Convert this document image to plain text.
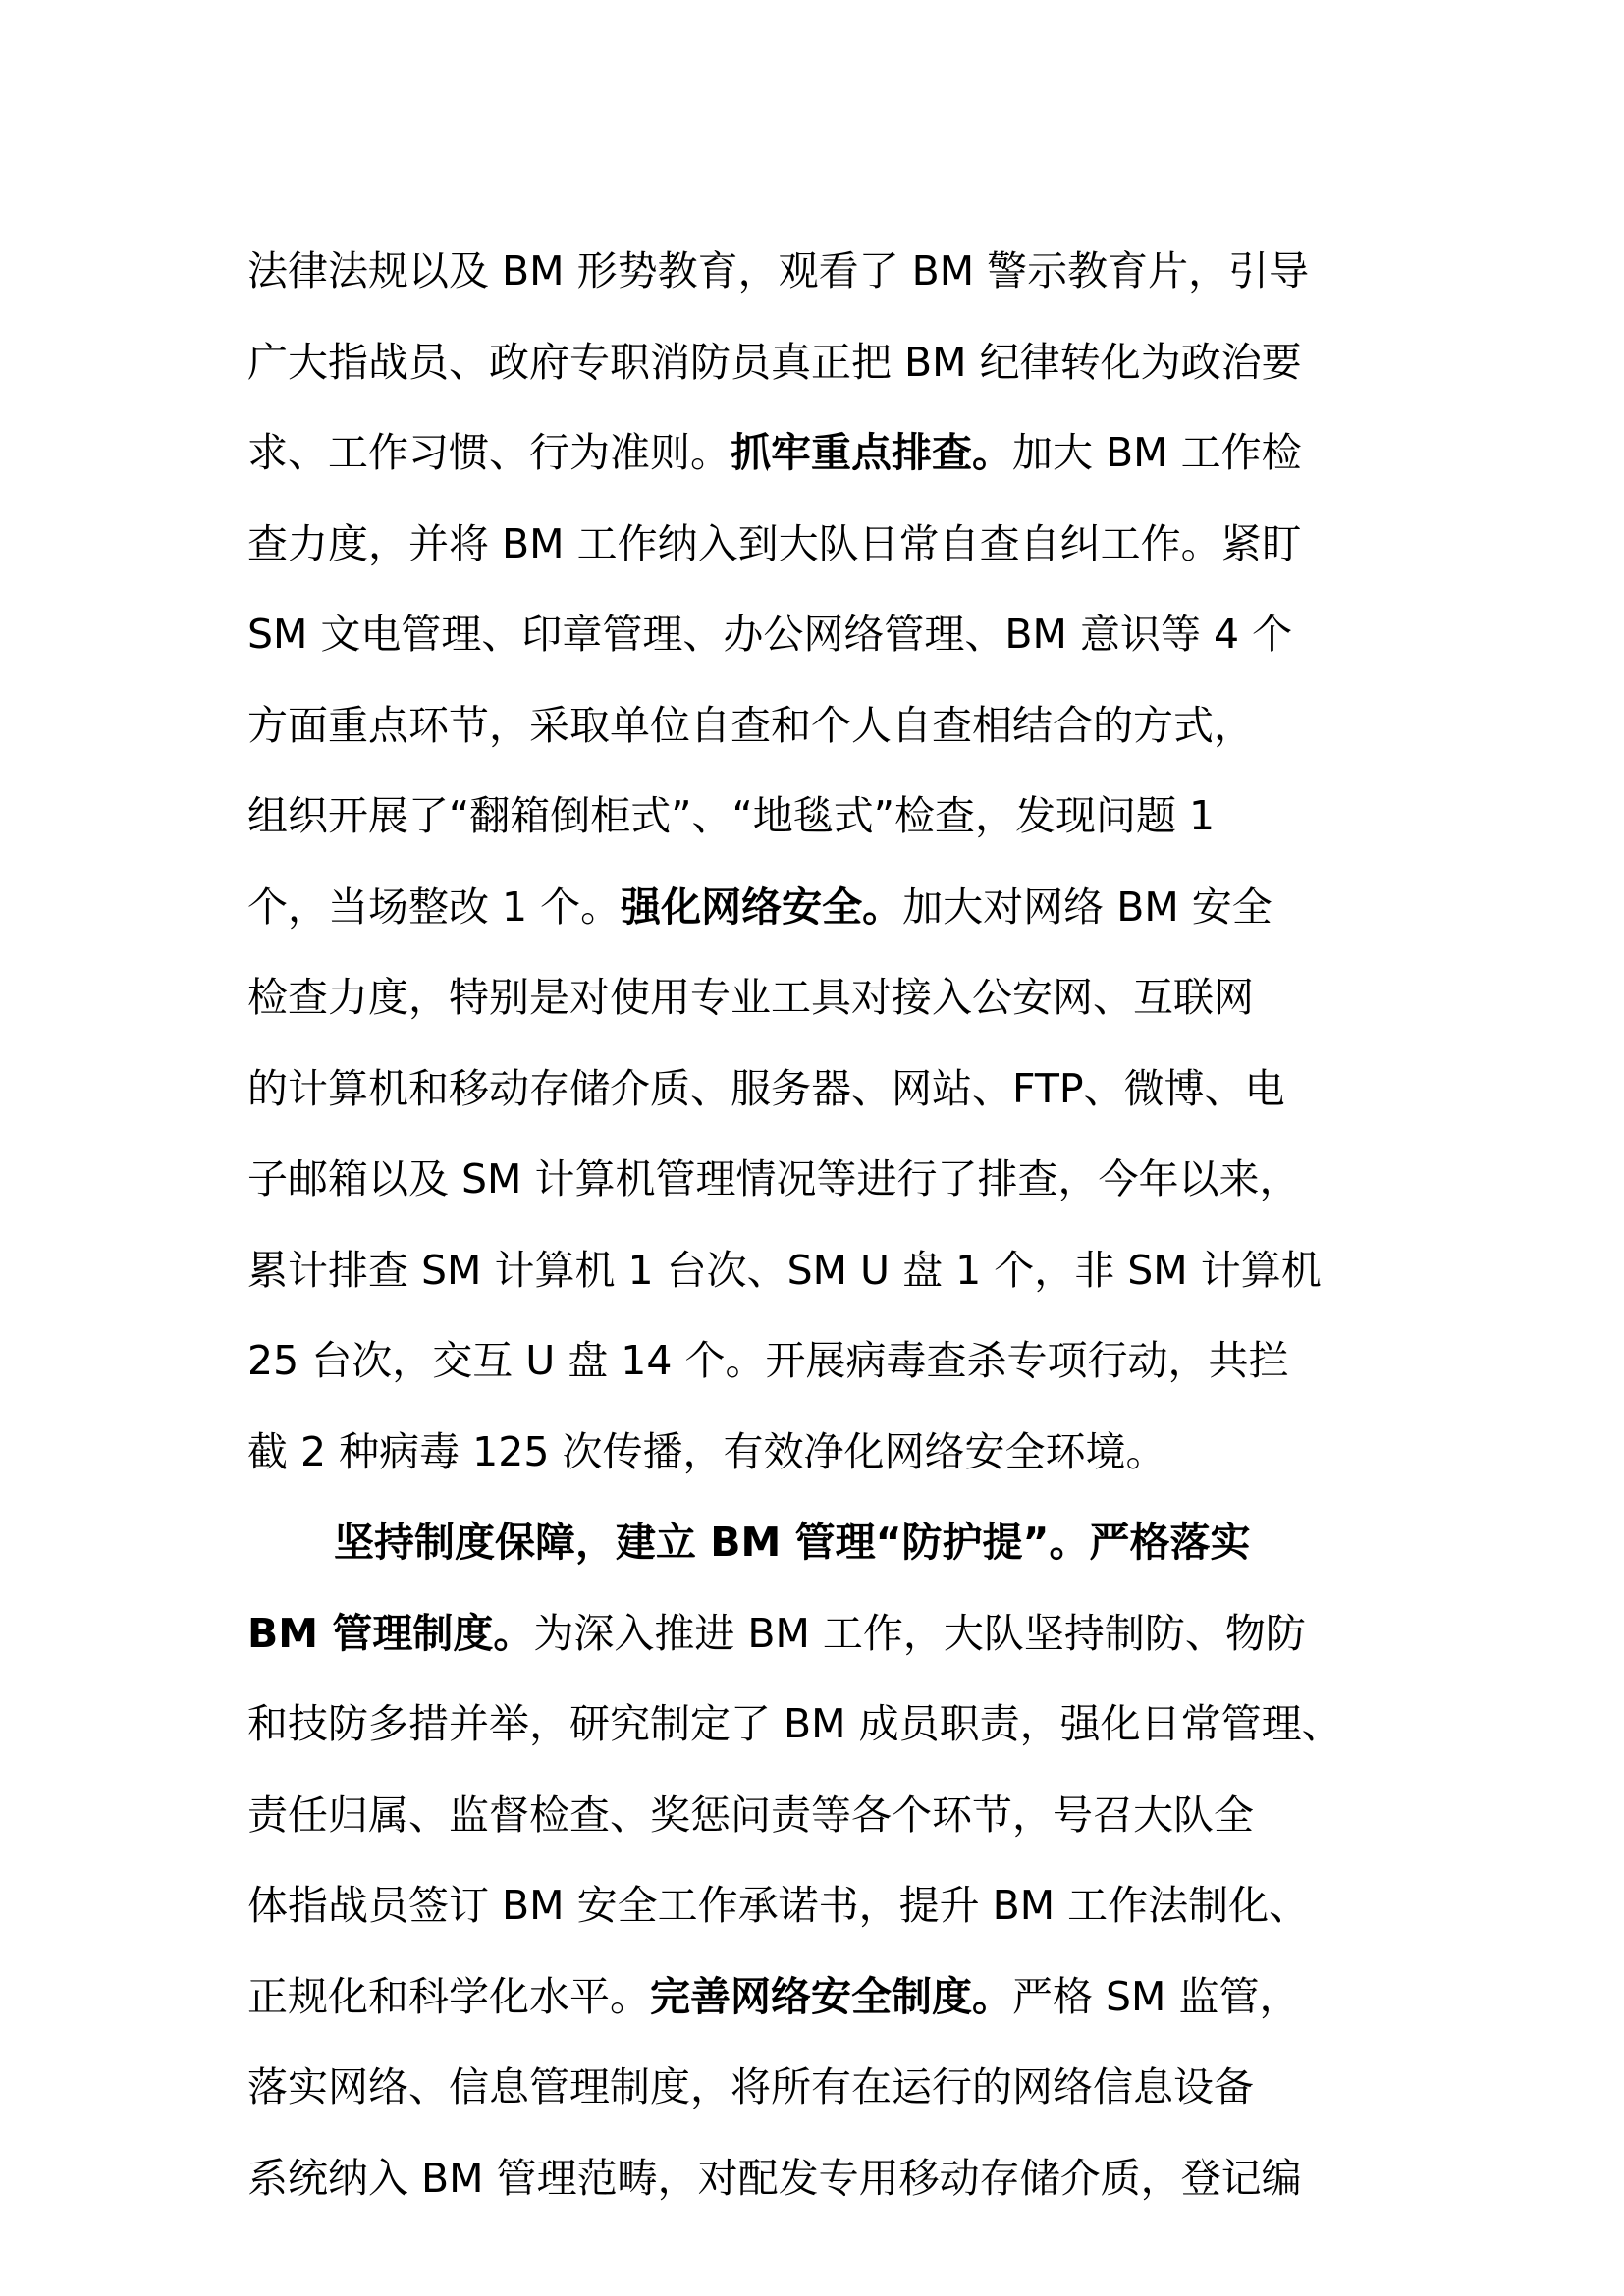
法律法规以及 BM 形势教育，观看了 BM 警示教育片，引导
广大指战员、政府专职消防员真正把 BM 纪律转化为政治要
求、工作习惯、行为准则。抓牢重点排查。加大 BM 工作检
查力度，并将 BM 工作纳入到大队日常自查自纠工作。紧盯
SM 文电管理、印章管理、办公网络管理、BM 意识等 4 个
方面重点环节，采取单位自查和个人自查相结合的方式，
组织开展了“翻箱倒柜式”、“地毯式”检查，发现问题 1
个，当场整改 1 个。强化网络安全。加大对网络 BM 安全
检查力度，特别是对使用专业工具对接入公安网、互联网
的计算机和移动存储介质、服务器、网站、FTP、微博、电
子邮箱以及 SM 计算机管理情况等进行了排查，今年以来，
累计排查 SM 计算机 1 台次、SM U 盘 1 个，非 SM 计算机
25 台次，交互 U 盘 14 个。开展病毒查杀专项行动，共拦
截 2 种病毒 125 次传播，有效净化网络安全环境。
坚持制度保障，建立 BM 管理“防护提”。严格落实
BM 管理制度。为深入推进 BM 工作，大队坚持制防、物防
和技防多措并举，研究制定了 BM 成员职责，强化日常管理、
责任归属、监督检查、奖惩问责等各个环节，号召大队全
体指战员签订 BM 安全工作承诺书，提升 BM 工作法制化、
正规化和科学化水平。完善网络安全制度。严格 SM 监管，
落实网络、信息管理制度，将所有在运行的网络信息设备
系统纳入 BM 管理范畴，对配发专用移动存储介质，登记编
